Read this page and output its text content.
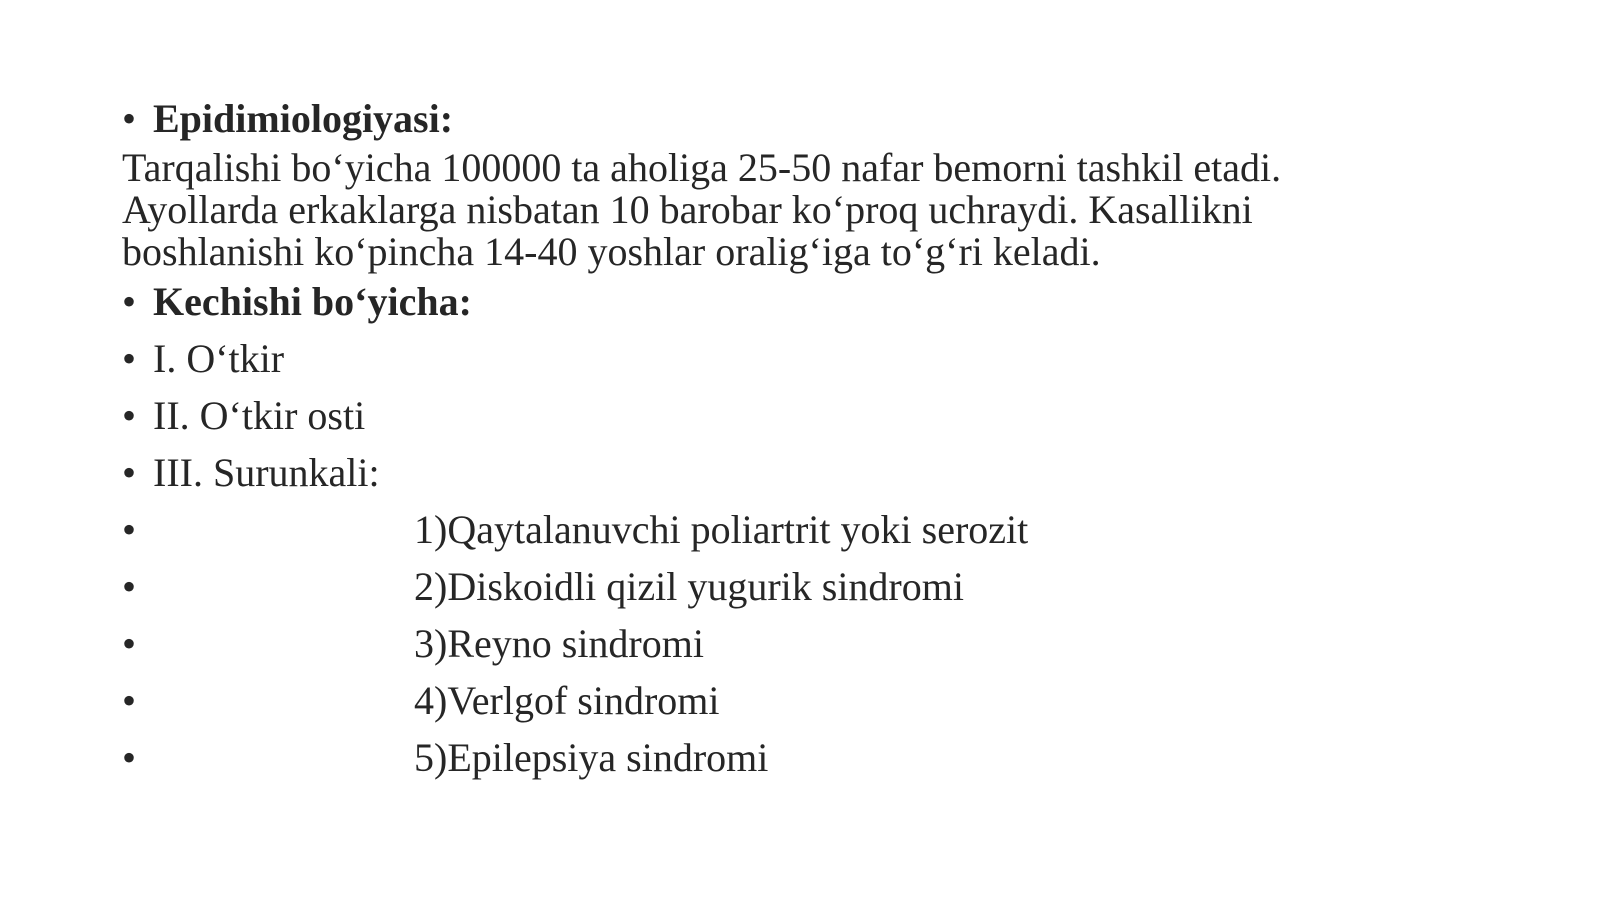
• Epidimiologiyasi:
Tarqalishi bo‘yicha 100000 ta aholiga 25-50 nafar bemorni tashkil etadi.
Ayollarda erkaklarga nisbatan 10 barobar ko‘proq uchraydi. Kasallikni
boshlanishi ko‘pincha 14-40 yoshlar oralig‘iga to‘g‘ri keladi.
• Kechishi bo‘yicha:
• I. O‘tkir
• II. O‘tkir osti
• III. Surunkali:
•	1)Qaytalanuvchi poliartrit yoki serozit
•	2)Diskoidli qizil yugurik sindromi
•	3)Reyno sindromi
•	4)Verlgof sindromi
•	5)Epilepsiya sindromi
